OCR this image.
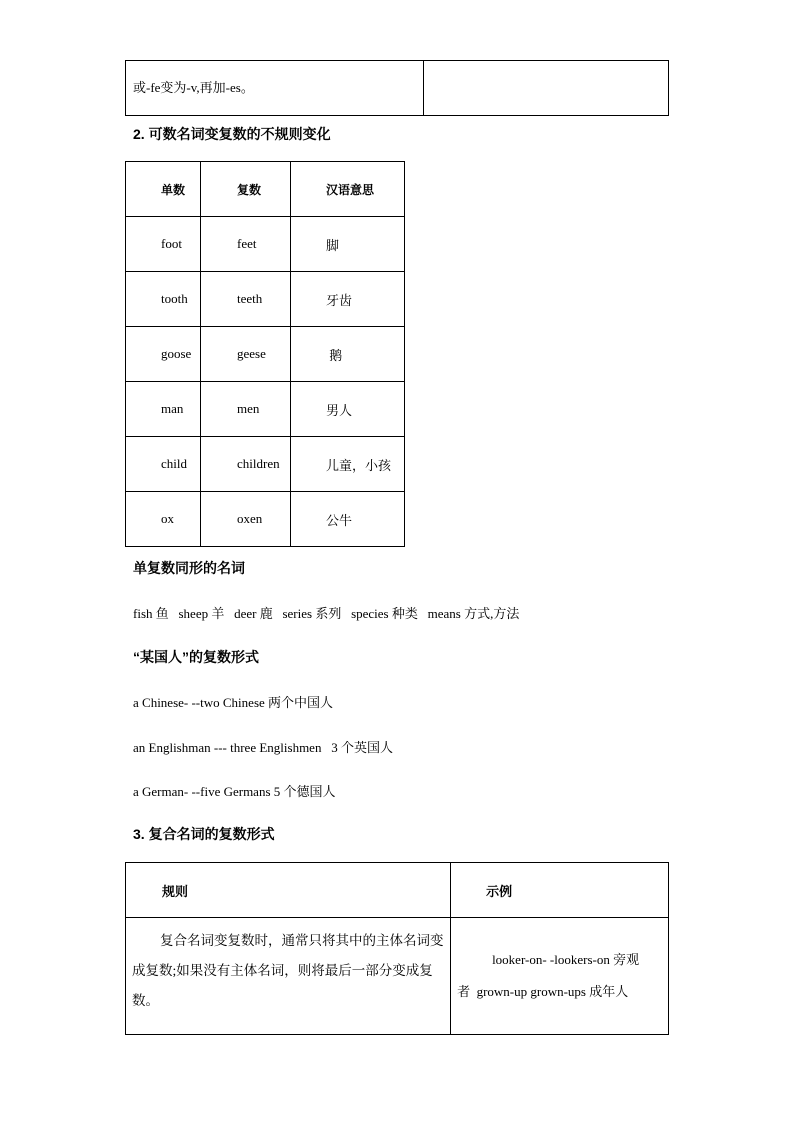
或-fe变为-v,再加-es。	
2. 可数名词变复数的不规则变化
单数	复数	汉语意思
foot	feet	脚
tooth	teeth	牙齿
goose	geese	鹅
man	men	男人
child	children	儿童，小孩
ox	oxen	公牛
单复数同形的名词
fish 鱼   sheep 羊   deer 鹿   series 系列   species 种类   means 方式,方法
“某国人”的复数形式
a Chinese- --two Chinese 两个中国人
an Englishman --- three Englishmen   3 个英国人
a German- --five Germans 5 个德国人
3. 复合名词的复数形式
规则	示例

复合名词变复数时，通常只将其中的主体名词变成复数;如果没有主体名词，则将最后一部分变成复数。	looker-on- -lookers-on 旁观
者  grown-up grown-ups 成年人
